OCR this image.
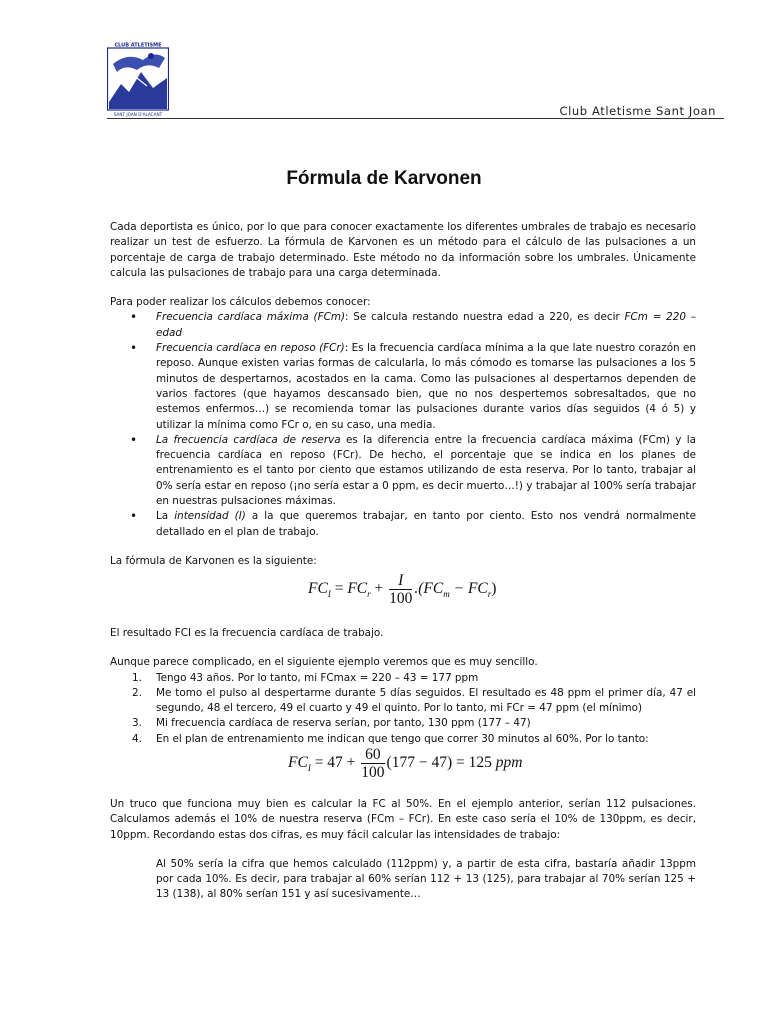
CLUB ATLETISME
SANT JOAN D'ALACANT	Club Atletisme Sant Joan
Fórmula de Karvonen

Cada deportista es único, por lo que para conocer exactamente los diferentes umbrales de trabajo es necesario realizar un test de esfuerzo. La fórmula de Karvonen es un método para el cálculo de las pulsaciones a un porcentaje de carga de trabajo determinado. Este método no da información sobre los umbrales. Únicamente calcula las pulsaciones de trabajo para una carga determinada.

Para poder realizar los cálculos debemos conocer:

• Frecuencia cardíaca máxima (FCm): Se calcula restando nuestra edad a 220, es decir FCm = 220 – edad
• Frecuencia cardíaca en reposo (FCr): Es la frecuencia cardíaca mínima a la que late nuestro corazón en reposo. Aunque existen varias formas de calcularla, lo más cómodo es tomarse las pulsaciones a los 5 minutos de despertarnos, acostados en la cama. Como las pulsaciones al despertarnos dependen de varios factores (que hayamos descansado bien, que no nos despertemos sobresaltados, que no estemos enfermos…) se recomienda tomar las pulsaciones durante varios días seguidos (4 ó 5) y utilizar la mínima como FCr o, en su caso, una media.
• La frecuencia cardíaca de reserva es la diferencia entre la frecuencia cardíaca máxima (FCm) y la frecuencia cardíaca en reposo (FCr). De hecho, el porcentaje que se indica en los planes de entrenamiento es el tanto por ciento que estamos utilizando de esta reserva. Por lo tanto, trabajar al 0% sería estar en reposo (¡no sería estar a 0 ppm, es decir muerto…!) y trabajar al 100% sería trabajar en nuestras pulsaciones máximas.
• La intensidad (I) a la que queremos trabajar, en tanto por ciento. Esto nos vendrá normalmente detallado en el plan de trabajo.

La fórmula de Karvonen es la siguiente:

$FC_I = FC_r + \frac{I}{100} .(FC_m - FC_r)$

El resultado FCI es la frecuencia cardíaca de trabajo.

Aunque parece complicado, en el siguiente ejemplo veremos que es muy sencillo.

1. Tengo 43 años. Por lo tanto, mi FCmax = 220 – 43 = 177 ppm
2. Me tomo el pulso al despertarme durante 5 días seguidos. El resultado es 48 ppm el primer día, 47 el segundo, 48 el tercero, 49 el cuarto y 49 el quinto. Por lo tanto, mi FCr = 47 ppm (el mínimo)
3. Mi frecuencia cardíaca de reserva serían, por tanto, 130 ppm (177 – 47)
4. En el plan de entrenamiento me indican que tengo que correr 30 minutos al 60%. Por lo tanto:
$FC_I = 47 + \frac{60}{100} (177 - 47) = 125$ ppm

Un truco que funciona muy bien es calcular la FC al 50%. En el ejemplo anterior, serían 112 pulsaciones. Calculamos además el 10% de nuestra reserva (FCm – FCr). En este caso sería el 10% de 130ppm, es decir, 10ppm. Recordando estas dos cifras, es muy fácil calcular las intensidades de trabajo:

Al 50% sería la cifra que hemos calculado (112ppm) y, a partir de esta cifra, bastaría añadir 13ppm por cada 10%. Es decir, para trabajar al 60% serían 112 + 13 (125), para trabajar al 70% serían 125 + 13 (138), al 80% serían 151 y así sucesivamente…
